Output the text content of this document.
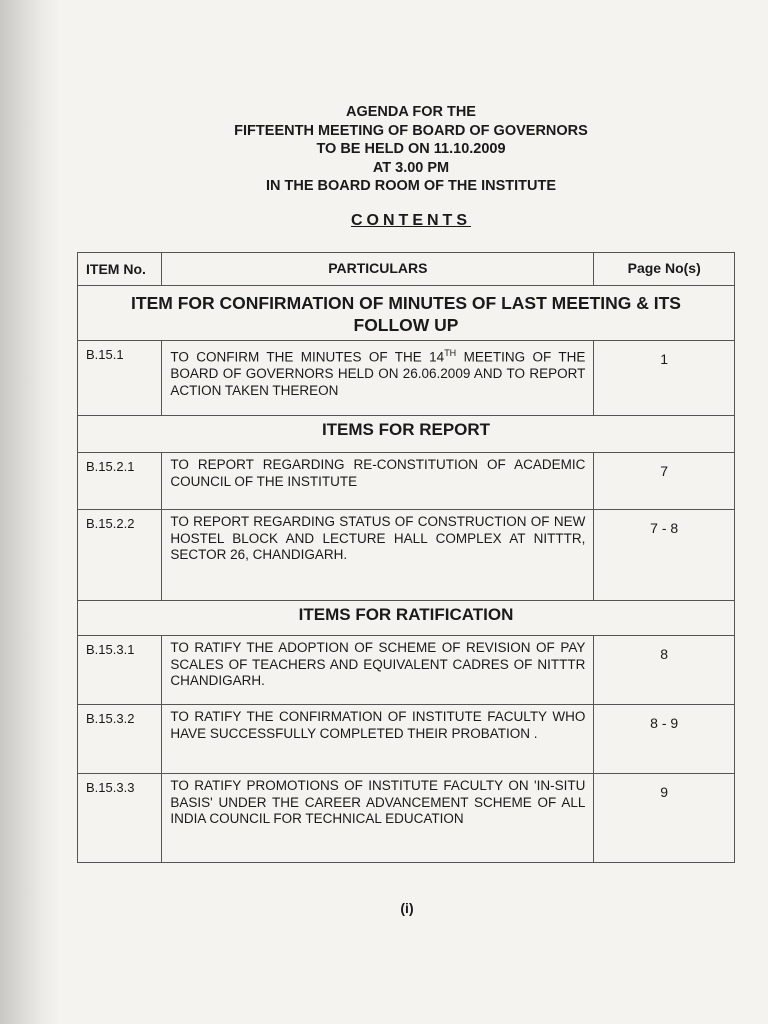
AGENDA FOR THE
FIFTEENTH MEETING OF BOARD OF GOVERNORS
TO BE HELD ON 11.10.2009
AT 3.00 PM
IN THE BOARD ROOM OF THE INSTITUTE
CONTENTS
ITEM No.	PARTICULARS	Page No(s)
ITEM FOR CONFIRMATION OF MINUTES OF LAST MEETING & ITS FOLLOW UP		
B.15.1	TO CONFIRM THE MINUTES OF THE 14TH MEETING OF THE BOARD OF GOVERNORS HELD ON 26.06.2009 AND TO REPORT ACTION TAKEN THEREON	1
ITEMS FOR REPORT		
B.15.2.1	TO REPORT REGARDING RE-CONSTITUTION OF ACADEMIC COUNCIL OF THE INSTITUTE	7
B.15.2.2	TO REPORT REGARDING STATUS OF CONSTRUCTION OF NEW HOSTEL BLOCK AND LECTURE HALL COMPLEX AT NITTTR, SECTOR 26, CHANDIGARH.	7 - 8
ITEMS FOR RATIFICATION		
B.15.3.1	TO RATIFY THE ADOPTION OF SCHEME OF REVISION OF PAY SCALES OF TEACHERS AND EQUIVALENT CADRES OF NITTTR CHANDIGARH.	8
B.15.3.2	TO RATIFY THE CONFIRMATION OF INSTITUTE FACULTY WHO HAVE SUCCESSFULLY COMPLETED THEIR PROBATION .	8 - 9
B.15.3.3	TO RATIFY PROMOTIONS OF INSTITUTE FACULTY ON 'IN-SITU BASIS' UNDER THE CAREER ADVANCEMENT SCHEME OF ALL INDIA COUNCIL FOR TECHNICAL EDUCATION	9
(i)
